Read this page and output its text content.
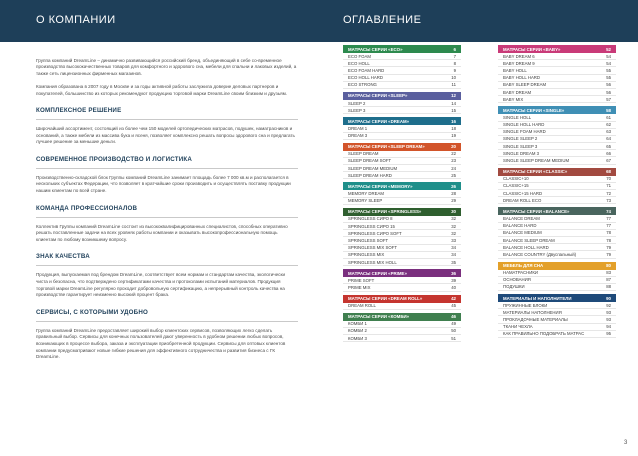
О КОМПАНИИ	ОГЛАВЛЕНИЕ

Группа компаний DreamLine – динамично развивающийся российский бренд, объединяющий в себе со-временное производство высококачественных товаров для комфортного и здорового сна, мебели для спальни и лаковых изделий, а также сеть лицензионных фирменных магазинов.

Компания образована в 2007 году в Москве и за годы активной работы заслужила доверие деловых партнеров и покупателей, большинство из которых рекомендуют продукцию торговой марки DreamLine своим близким и друзьям.

КОМПЛЕКСНОЕ РЕШЕНИЕ

Широчайший ассортимент, состоящий из более чем 150 моделей ортопедических матрасов, подушек, наматрасников и оснований, а также мебели из массива бука и ясеня, позволяет комплексно решать вопросы здорового сна и предлагать лучшее решение за меньшие деньги.

СОВРЕМЕННОЕ ПРОИЗВОДСТВО И ЛОГИСТИКА

Производственно-складской блок Группы компаний DreamLine занимает площадь более 7 000 кв.м и располагается в нескольких субъектах Федерации, что позволяет в кратчайшие сроки производить и осуществлять поставку продукции нашим клиентам по всей стране.

КОМАНДА ПРОФЕССИОНАЛОВ

Коллектив Группы компаний DreamLine состоит из высококвалифицированных специалистов, способных оперативно решать поставленные задачи на всех уровнях работы компании и оказывать высокопрофессиональную помощь клиентам по любому возникшему вопросу.

ЗНАК КАЧЕСТВА

Продукция, выпускаемая под брендом DreamLine, соответствует всем нормам и стандартам качества, экологически чиста и безопасна, что подтверждено сертификатами качества и протоколами испытаний материалов. Продукция торговой марки DreamLine регулярно проходит добровольную сертификацию, а непрерывный контроль качества на производстве гарантирует неизменно высокий процент брака.

СЕРВИСЫ, С КОТОРЫМИ УДОБНО

Группа компаний DreamLine предоставляет широкий выбор клиентских сервисов, позволяющих легко сделать правильный выбор. Сервисы для конечных пользователей дают уверенность в удобном решении любых вопросов, возникающих в процессе выбора, заказа и эксплуатации приобретенной продукции. Сервисы для оптовых клиентов компании предусматривают новые гибкие решения для эффективного сотрудничества и развития бизнеса с ГК DreamLine.

МАТРАСЫ СЕРИИ «ECO»	6
ECO FOAM	7
ECO HOLL	8
ECO FOAM HARD	9
ECO HOLL HARD	10
ECO STRONG	11
МАТРАСЫ СЕРИИ «SLEEP»	12
SLEEP 2	14
SLEEP 3	15
МАТРАСЫ СЕРИИ «DREAM»	16
DREAM 1	18
DREAM 3	19
МАТРАСЫ СЕРИИ «SLEEP DREAM»	20
SLEEP DREAM	22
SLEEP DREAM SOFT	23
SLEEP DREAM MEDIUM	24
SLEEP DREAM HARD	25
МАТРАСЫ СЕРИИ «MEMORY»	26
MEMORY DREAM	28
MEMORY SLEEP	29
МАТРАСЫ СЕРИИ «SPRINGLESS»	30
SPRINGLESS CИРО 8	32
SPRINGLESS CИРО 15	32
SPRINGLESS CИРО SOFT	32
SPRINGLESS SOFT	33
SPRINGLESS MIX SOFT	34
SPRINGLESS MIX	34
SPRINGLESS MIX HOLL	35
МАТРАСЫ СЕРИИ «PRIME»	36
PRIME SOFT	39
PRIME MIX	40
МАТРАСЫ СЕРИИ «DREAM ROLL»	42
DREAM ROLL	45
МАТРАСЫ СЕРИИ «КОМБИ»	46
КОМБИ 1	49
КОМБИ 2	50
КОМБИ 3	51
МАТРАСЫ СЕРИИ «BABY»	52
BABY DREAM 6	54
BABY DREAM 9	54
BABY HOLL	55
BABY HOLL HARD	55
BABY SLEEP DREAM	56
BABY DREAM	56
BABY MIX	57
МАТРАСЫ СЕРИИ «SINGLE»	58
SINGLE HOLL	61
SINGLE HOLL HARD	62
SINGLE FOAM HARD	63
SINGLE SLEEP 2	64
SINGLE SLEEP 3	65
SINGLE DREAM 3	66
SINGLE SLEEP DREAM MEDIUM	67
МАТРАСЫ СЕРИИ «CLASSIC»	68
CLASSIC+10	70
CLASSIC+15	71
CLASSIC+15 HARD	72
DREAM ROLL ECO	73
МАТРАСЫ СЕРИИ «BALANCE»	74
BALANCE DREAM	77
BALANCE HARD	77
BALANCE MEDIUM	78
BALANCE SLEEP DREAM	78
BALANCE HOLL HARD	79
BALANCE COUNTRY (Двуспальный)	79
МЕБЕЛЬ ДЛЯ СНА	80
НАМАТРАСНИКИ	83
ОСНОВАНИЯ	87
ПОДУШКИ	88
МАТЕРИАЛЫ И НАПОЛНИТЕЛИ	90
ПРУЖИННЫЕ БЛОКИ	92
МАТЕРИАЛЫ НАПОЛНЕНИЯ	93
ПРОКЛАДОЧНЫЕ МАТЕРИАЛЫ	93
ТКАНИ ЧЕХЛА	94
КАК ПРАВИЛЬНО ПОДОБРАТЬ МАТРАС	95
3
